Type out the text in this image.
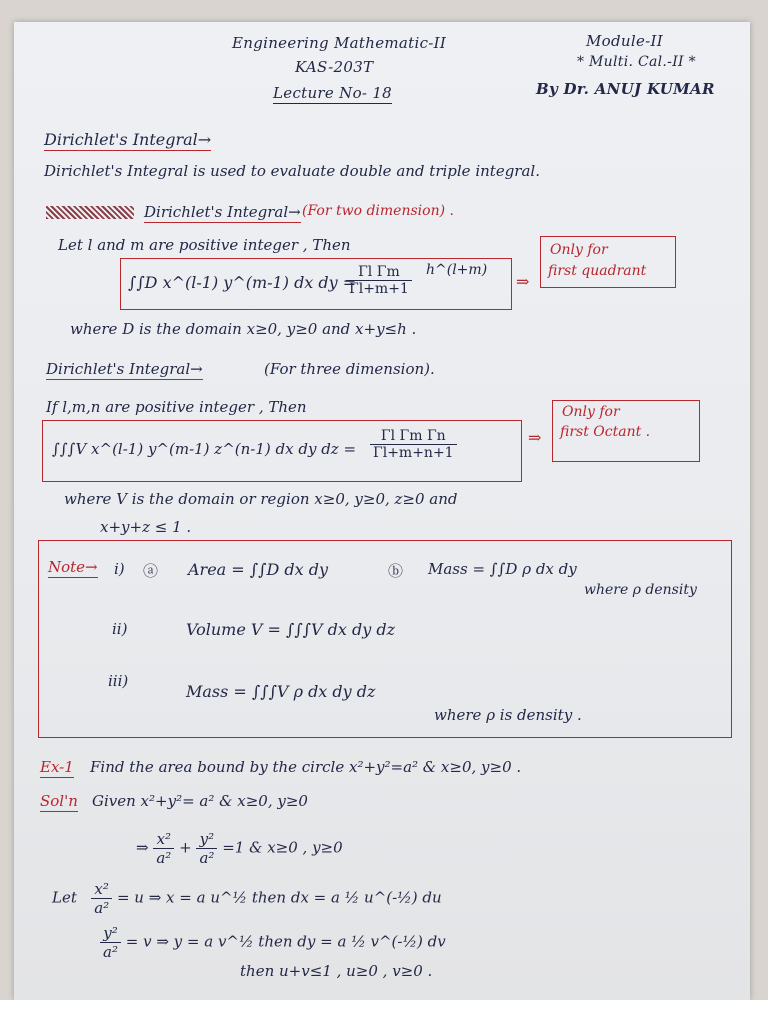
Engineering Mathematic-II
KAS-203T
Lecture No- 18
Module-II
* Multi. Cal.-II *
By Dr. ANUJ KUMAR
Dirichlet's Integral→
Dirichlet's Integral is used to evaluate double and triple integral.
Dirichlet's Integral→ (For two dimension) .
Let l and m are positive integer , Then
∫∫D x^(l-1) y^(m-1) dx dy =
$\frac{\text{Γl Γm}}{\Gamma l+m+1}$ h^(l+m)
⇒
Only for
first quadrant
where D is the domain x≥0, y≥0 and x+y≤h .
Dirichlet's Integral→	(For three dimension).
If l,m,n are positive integer , Then
∫∫∫V x^(l-1) y^(m-1) z^(n-1) dx dy dz = $\frac{\text{Γl Γm Γn}}{\Gamma l+m+n+1}$	⇒
Only for
first Octant .
where V is the domain or region x≥0, y≥0, z≥0 and
x+y+z ≤ 1 .
Note→ i) ⓐ Area = ∫∫D dx dy	ⓑ Mass = ∫∫D ρ dx dy
where ρ density
ii)	Volume V = ∫∫∫V dx dy dz
iii)
Mass = ∫∫∫V ρ dx dy dz
where ρ is density .
Ex-1 Find the area bound by the circle x²+y²=a² & x≥0, y≥0 .
Sol'n Given x²+y²= a² & x≥0, y≥0
⇒ $\frac{\text{x²}}{\text{a²}} + \frac{\text{y²}}{\text{a²}} =1$ & x≥0 , y≥0
Let $\frac{\text{x²}}{\text{a²}} = u$ ⇒ x = a u^½ then dx = a ½ u^(-½) du
$\frac{\text{y²}}{\text{a²}} = v$ ⇒ y = a v^½ then dy = a ½ v^(-½) dv
then u+v≤1 , u≥0 , v≥0 .
